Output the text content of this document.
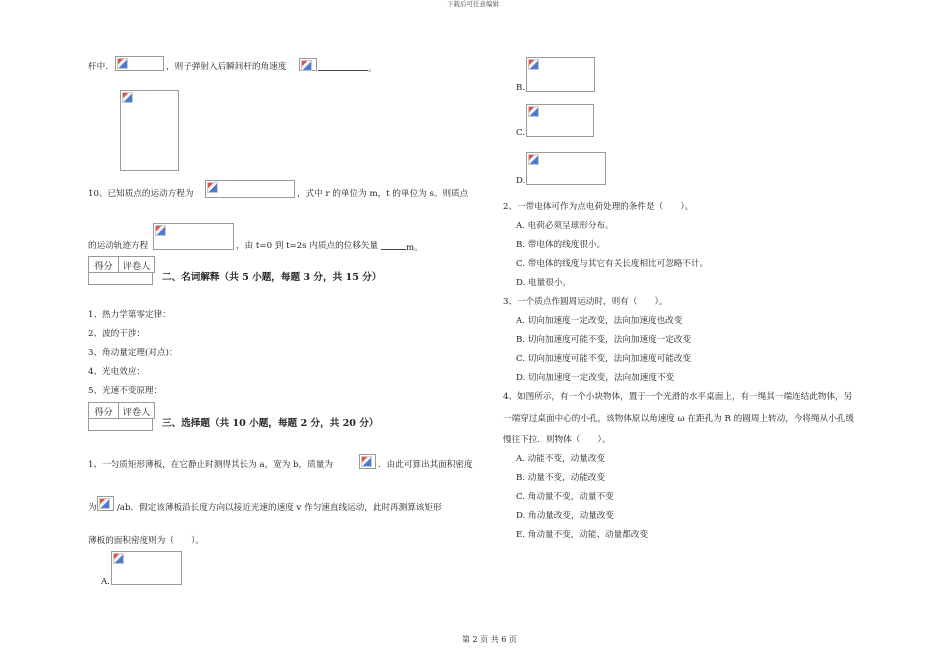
下载后可任意编辑
杆中.	，则子弹射入后瞬间杆的角速度	。
10、已知质点的运动方程为	，式中 r 的单位为 m，t 的单位为 s。则质点
的运动轨迹方程	，由 t=0 到 t=2s 内质点的位移矢量	m。
得分	评卷人
二、名词解释（共 5 小题，每题 3 分，共 15 分）
1、热力学第零定律：
2、波的干涉：
3、角动量定理(对点)：
4、光电效应：
5、光速不变原理：
得分	评卷人
三、选择题（共 10 小题，每题 2 分，共 20 分）
1、一匀质矩形薄板，在它静止时测得其长为 a，宽为 b，质量为	．由此可算出其面积密度
为 /ab．假定该薄板沿长度方向以接近光速的速度 v 作匀速直线运动，此时再测算该矩形
薄板的面积密度则为（　　）。
A.
B.
C.
D.
2、一带电体可作为点电荷处理的条件是（　　）。
A. 电荷必须呈球形分布。
B. 带电体的线度很小。
C. 带电体的线度与其它有关长度相比可忽略不计。
D. 电量很小。
3、一个质点作圆周运动时，则有（　　）。
A. 切向加速度一定改变，法向加速度也改变
B. 切向加速度可能不变，法向加速度一定改变
C. 切向加速度可能不变，法向加速度可能改变
D. 切向加速度一定改变，法向加速度不变
4、如图所示，有一个小块物体，置于一个光滑的水平桌面上，有一绳其一端连结此物体，另
一端穿过桌面中心的小孔，该物体原以角速度 ω 在距孔为 R 的圆周上转动，今将绳从小孔缓
慢往下拉．则物体（　　）。
A. 动能不变，动量改变
B. 动量不变，动能改变
C. 角动量不变，动量不变
D. 角动量改变，动量改变
E. 角动量不变，动能、动量都改变
第 2 页 共 6 页
